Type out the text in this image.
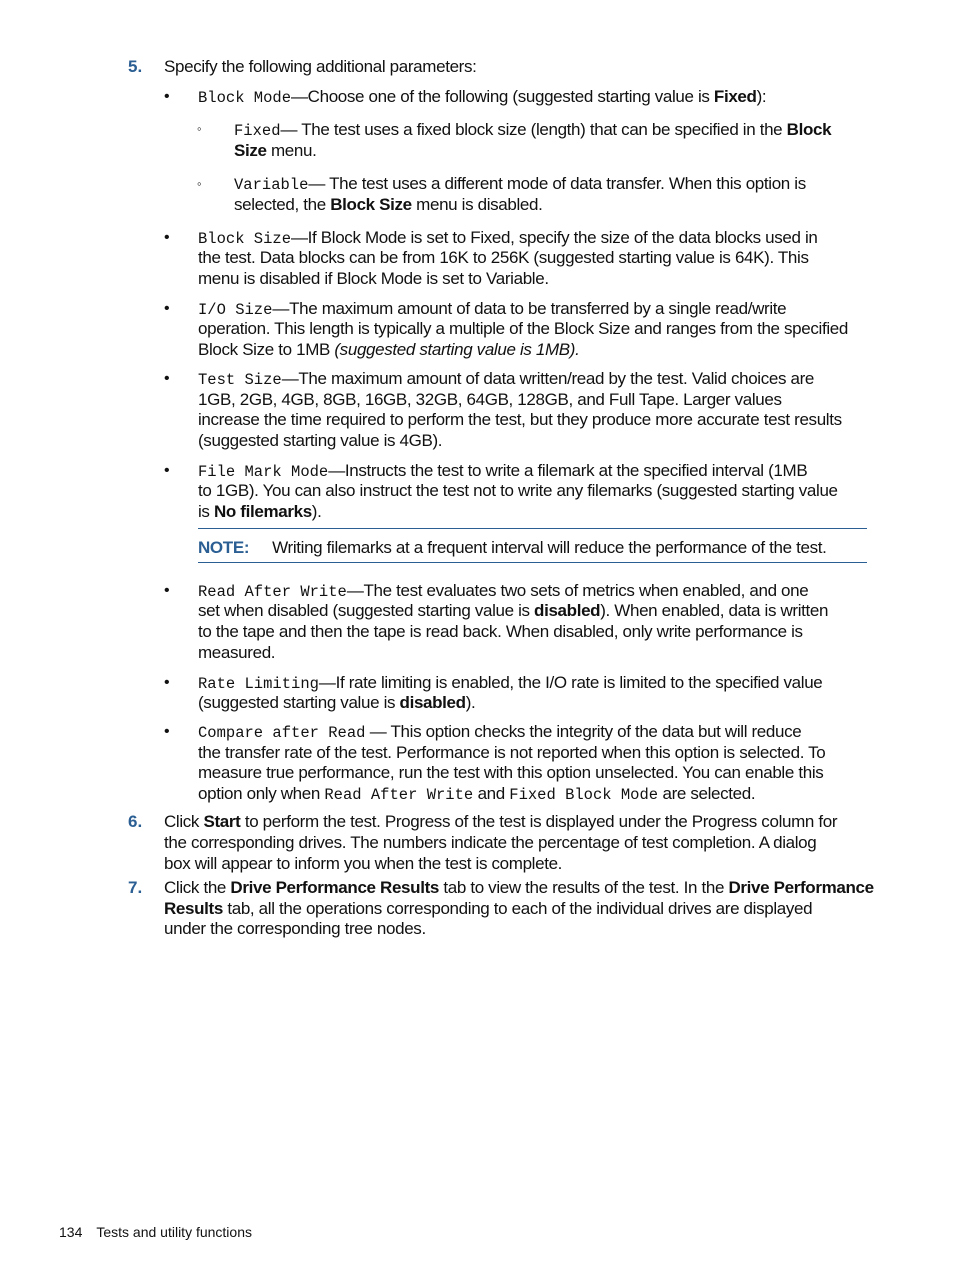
5. Specify the following additional parameters:
• Block Mode—Choose one of the following (suggested starting value is Fixed):
◦ Fixed— The test uses a fixed block size (length) that can be specified in the Block
Size menu.
◦ Variable— The test uses a different mode of data transfer. When this option is
selected, the Block Size menu is disabled.
• Block Size—If Block Mode is set to Fixed, specify the size of the data blocks used in
the test. Data blocks can be from 16K to 256K (suggested starting value is 64K). This
menu is disabled if Block Mode is set to Variable.
• I/O Size—The maximum amount of data to be transferred by a single read/write
operation. This length is typically a multiple of the Block Size and ranges from the specified
Block Size to 1MB (suggested starting value is 1MB).
• Test Size—The maximum amount of data written/read by the test. Valid choices are
1GB, 2GB, 4GB, 8GB, 16GB, 32GB, 64GB, 128GB, and Full Tape. Larger values
increase the time required to perform the test, but they produce more accurate test results
(suggested starting value is 4GB).
• File Mark Mode—Instructs the test to write a filemark at the specified interval (1MB
to 1GB). You can also instruct the test not to write any filemarks (suggested starting value
is No filemarks).
NOTE: Writing filemarks at a frequent interval will reduce the performance of the test.
• Read After Write—The test evaluates two sets of metrics when enabled, and one
set when disabled (suggested starting value is disabled). When enabled, data is written
to the tape and then the tape is read back. When disabled, only write performance is
measured.
• Rate Limiting—If rate limiting is enabled, the I/O rate is limited to the specified value
(suggested starting value is disabled).
• Compare after Read — This option checks the integrity of the data but will reduce
the transfer rate of the test. Performance is not reported when this option is selected. To
measure true performance, run the test with this option unselected. You can enable this
option only when Read After Write and Fixed Block Mode are selected.
6. Click Start to perform the test. Progress of the test is displayed under the Progress column for
the corresponding drives. The numbers indicate the percentage of test completion. A dialog
box will appear to inform you when the test is complete.
7. Click the Drive Performance Results tab to view the results of the test. In the Drive Performance
Results tab, all the operations corresponding to each of the individual drives are displayed
under the corresponding tree nodes.
134 Tests and utility functions
